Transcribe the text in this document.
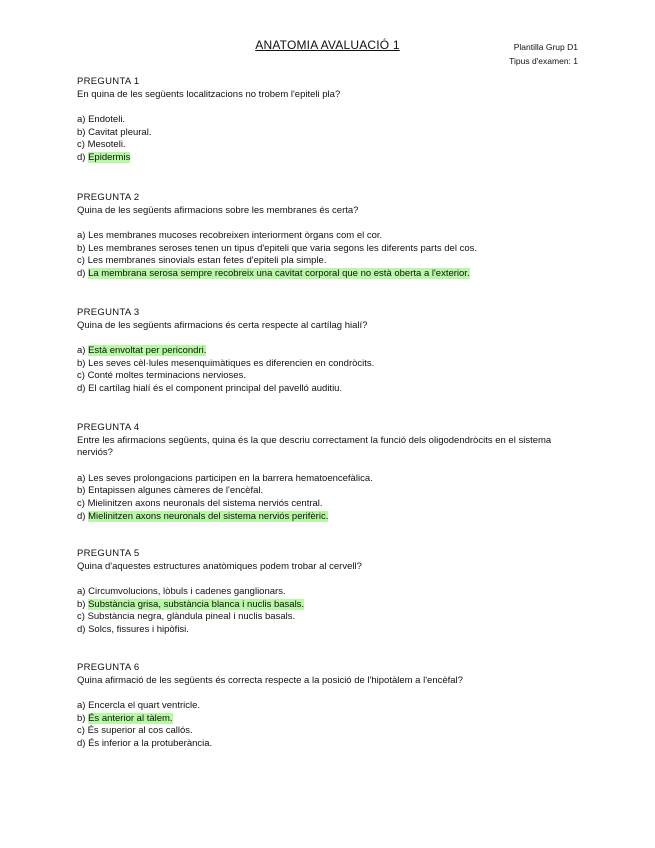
ANATOMIA AVALUACIÓ 1	Plantilla Grup D1
Tipus d'examen: 1
PREGUNTA 1
En quina de les següents localitzacions no trobem l'epiteli pla?
a) Endoteli.
b) Cavitat pleural.
c) Mesoteli.
d) Epidermis
PREGUNTA 2
Quina de les següents afirmacions sobre les membranes és certa?
a) Les membranes mucoses recobreixen interiorment òrgans com el cor.
b) Les membranes seroses tenen un tipus d'epiteli que varia segons les diferents parts del cos.
c) Les membranes sinovials estan fetes d'epiteli pla simple.
d) La membrana serosa sempre recobreix una cavitat corporal que no està oberta a l'exterior.
PREGUNTA 3
Quina de les següents afirmacions és certa respecte al cartílag hialí?
a) Està envoltat per pericondri.
b) Les seves cèl·lules mesenquimàtiques es diferencien en condròcits.
c) Conté moltes terminacions nervioses.
d) El cartílag hialí és el component principal del pavelló auditiu.
PREGUNTA 4
Entre les afirmacions següents, quina és la que descriu correctament la funció dels oligodendròcits en el sistema nerviós?
a) Les seves prolongacions participen en la barrera hematoencefàlica.
b) Entapissen algunes càmeres de l'encèfal.
c) Mielinitzen axons neuronals del sistema nerviós central.
d) Mielinitzen axons neuronals del sistema nerviós perifèric.
PREGUNTA 5
Quina d'aquestes estructures anatòmiques podem trobar al cervell?
a) Circumvolucions, lòbuls i cadenes ganglionars.
b) Substància grisa, substància blanca i nuclis basals.
c) Substància negra, glàndula pineal i nuclis basals.
d) Solcs, fissures i hipòfisi.
PREGUNTA 6
Quina afirmació de les següents és correcta respecte a la posició de l'hipotàlem a l'encèfal?
a) Encercla el quart ventricle.
b) És anterior al tàlem.
c) És superior al cos callós.
d) És inferior a la protuberància.
